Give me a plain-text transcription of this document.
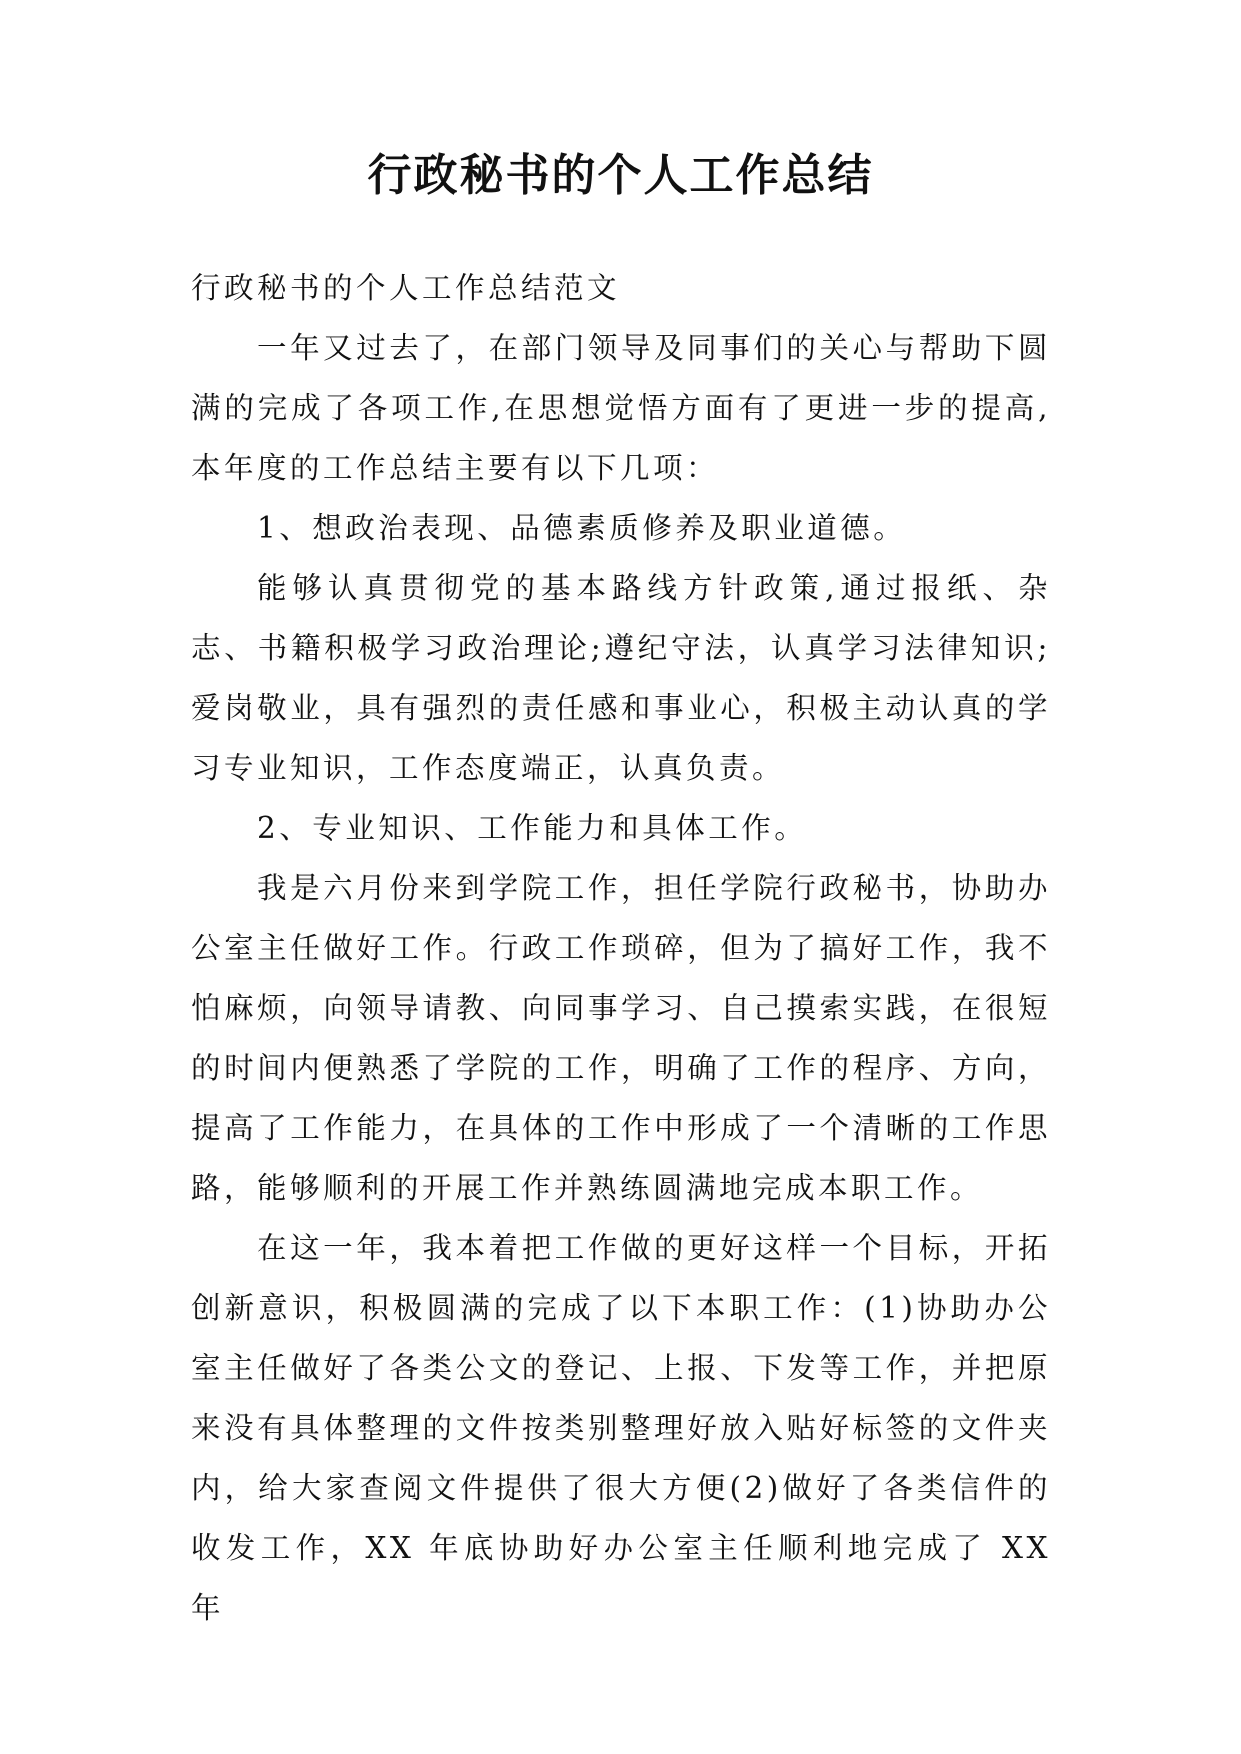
行政秘书的个人工作总结

行政秘书的个人工作总结范文

一年又过去了，在部门领导及同事们的关心与帮助下圆满的完成了各项工作,在思想觉悟方面有了更进一步的提高,本年度的工作总结主要有以下几项：

1、想政治表现、品德素质修养及职业道德。

能够认真贯彻党的基本路线方针政策,通过报纸、杂志、书籍积极学习政治理论;遵纪守法，认真学习法律知识;爱岗敬业，具有强烈的责任感和事业心，积极主动认真的学习专业知识，工作态度端正，认真负责。

2、专业知识、工作能力和具体工作。

我是六月份来到学院工作，担任学院行政秘书，协助办公室主任做好工作。行政工作琐碎，但为了搞好工作，我不怕麻烦，向领导请教、向同事学习、自己摸索实践，在很短的时间内便熟悉了学院的工作，明确了工作的程序、方向，提高了工作能力，在具体的工作中形成了一个清晰的工作思路，能够顺利的开展工作并熟练圆满地完成本职工作。

在这一年，我本着把工作做的更好这样一个目标，开拓创新意识，积极圆满的完成了以下本职工作：(1)协助办公室主任做好了各类公文的登记、上报、下发等工作，并把原来没有具体整理的文件按类别整理好放入贴好标签的文件夹内，给大家查阅文件提供了很大方便(2)做好了各类信件的收发工作，XX 年底协助好办公室主任顺利地完成了 XX 年
